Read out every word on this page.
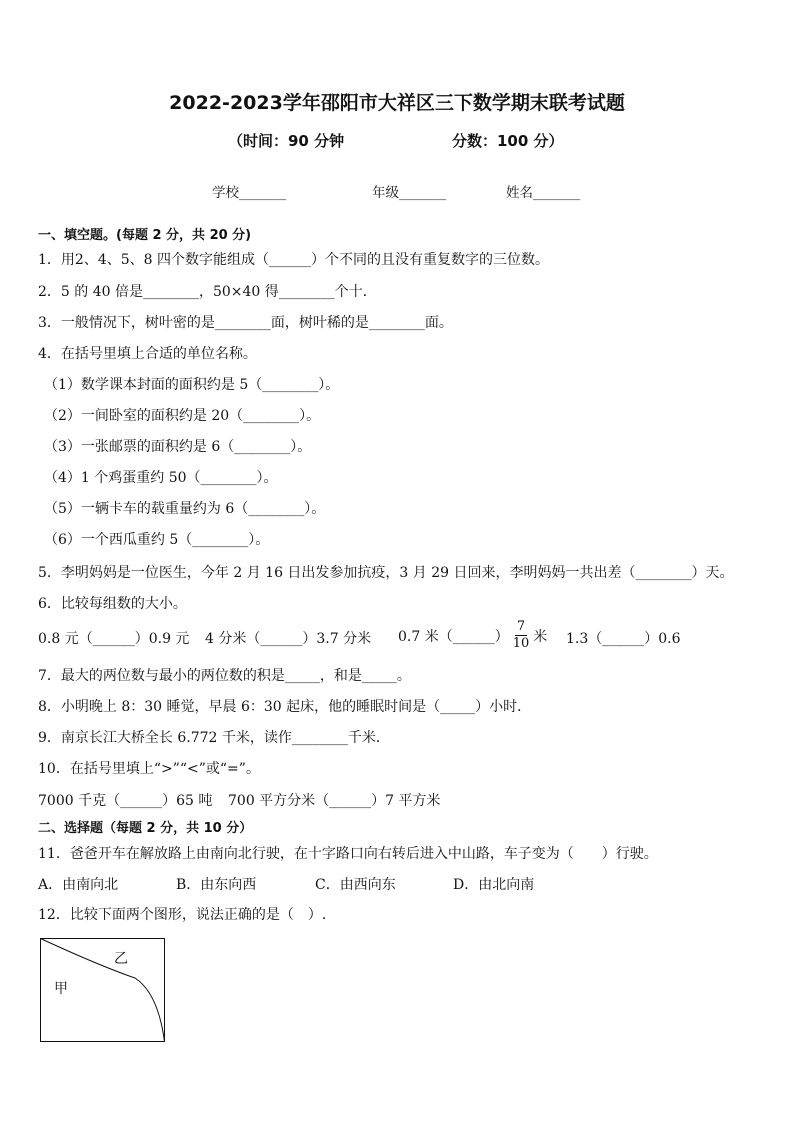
2022-2023学年邵阳市大祥区三下数学期末联考试题
（时间：90 分钟	分数：100 分）
学校_______	年级_______	姓名_______
一、填空题。(每题 2 分，共 20 分)
1．用2、4、5、8 四个数字能组成（______）个不同的且没有重复数字的三位数。
2．5 的 40 倍是________，50×40 得________个十．
3．一般情况下，树叶密的是________面，树叶稀的是________面。
4．在括号里填上合适的单位名称。
（1）数学课本封面的面积约是 5（________）。
（2）一间卧室的面积约是 20（________）。
（3）一张邮票的面积约是 6（________）。
（4）1 个鸡蛋重约 50（________）。
（5）一辆卡车的载重量约为 6（________）。
（6）一个西瓜重约 5（________）。
5．李明妈妈是一位医生，今年 2 月 16 日出发参加抗疫，3 月 29 日回来，李明妈妈一共出差（________）天。
6．比较每组数的大小。
0.8 元（______）0.9 元 4 分米（______）3.7 分米 0.7 米（______） $\frac{7}{10}$ 米 1.3（______）0.6
7．最大的两位数与最小的两位数的积是_____，和是_____。
8．小明晚上 8：30 睡觉，早晨 6：30 起床，他的睡眠时间是（_____）小时．
9．南京长江大桥全长 6.772 千米，读作________千米．
10．在括号里填上“>”“<”或“=”。
7000 千克（______）65 吨 700 平方分米（______）7 平方米
二、选择题（每题 2 分，共 10 分）
11．爸爸开车在解放路上由南向北行驶，在十字路口向右转后进入中山路，车子变为（　　）行驶。
A．由南向北	B．由东向西	C．由西向东	D．由北向南
12．比较下面两个图形，说法正确的是（　）.
乙
甲
